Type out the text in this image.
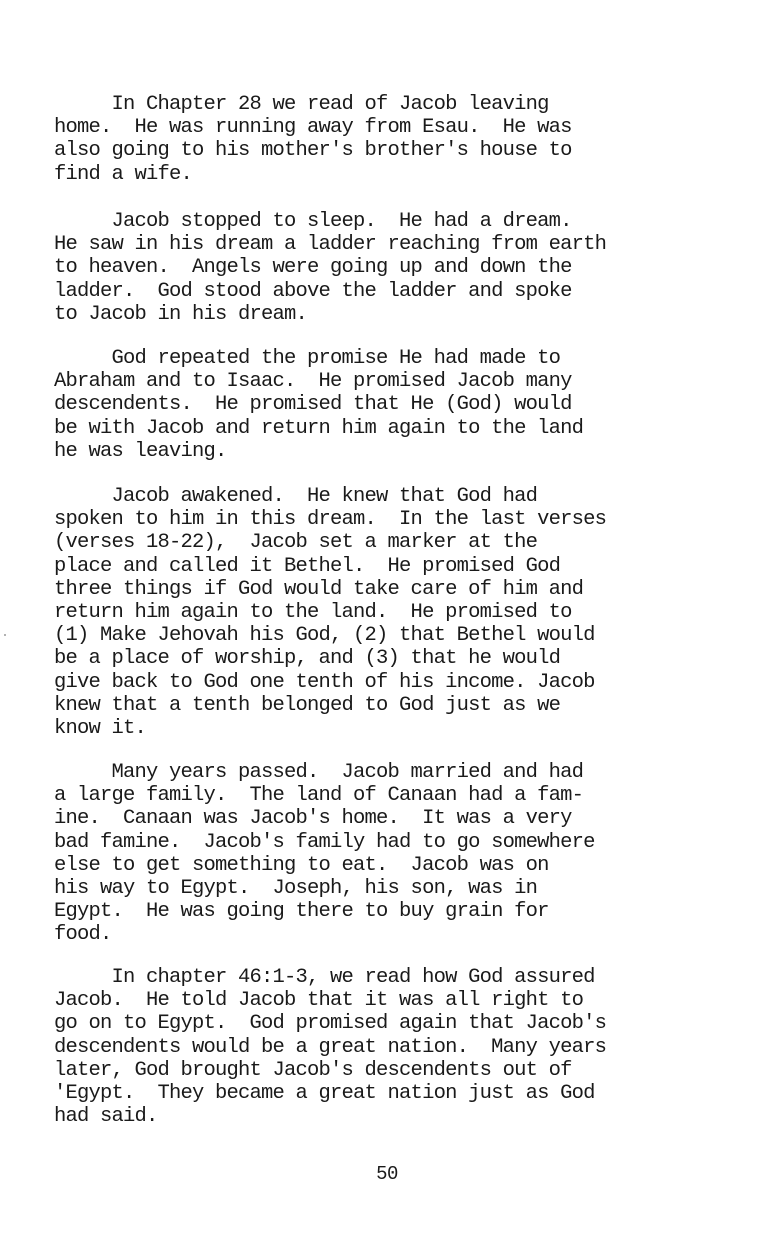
In Chapter 28 we read of Jacob leaving
home.  He was running away from Esau.  He was
also going to his mother's brother's house to
find a wife.
Jacob stopped to sleep.  He had a dream.
He saw in his dream a ladder reaching from earth
to heaven.  Angels were going up and down the
ladder.  God stood above the ladder and spoke
to Jacob in his dream.
God repeated the promise He had made to
Abraham and to Isaac.  He promised Jacob many
descendents.  He promised that He (God) would
be with Jacob and return him again to the land
he was leaving.
Jacob awakened.  He knew that God had
spoken to him in this dream.  In the last verses
(verses 18-22),  Jacob set a marker at the
place and called it Bethel.  He promised God
three things if God would take care of him and
return him again to the land.  He promised to
(1) Make Jehovah his God, (2) that Bethel would
be a place of worship, and (3) that he would
give back to God one tenth of his income. Jacob
knew that a tenth belonged to God just as we
know it.
Many years passed.  Jacob married and had
a large family.  The land of Canaan had a fam-
ine.  Canaan was Jacob's home.  It was a very
bad famine.  Jacob's family had to go somewhere
else to get something to eat.  Jacob was on
his way to Egypt.  Joseph, his son, was in
Egypt.  He was going there to buy grain for
food.
In chapter 46:1-3, we read how God assured
Jacob.  He told Jacob that it was all right to
go on to Egypt.  God promised again that Jacob's
descendents would be a great nation.  Many years
later, God brought Jacob's descendents out of
'Egypt.  They became a great nation just as God
had said.
50
